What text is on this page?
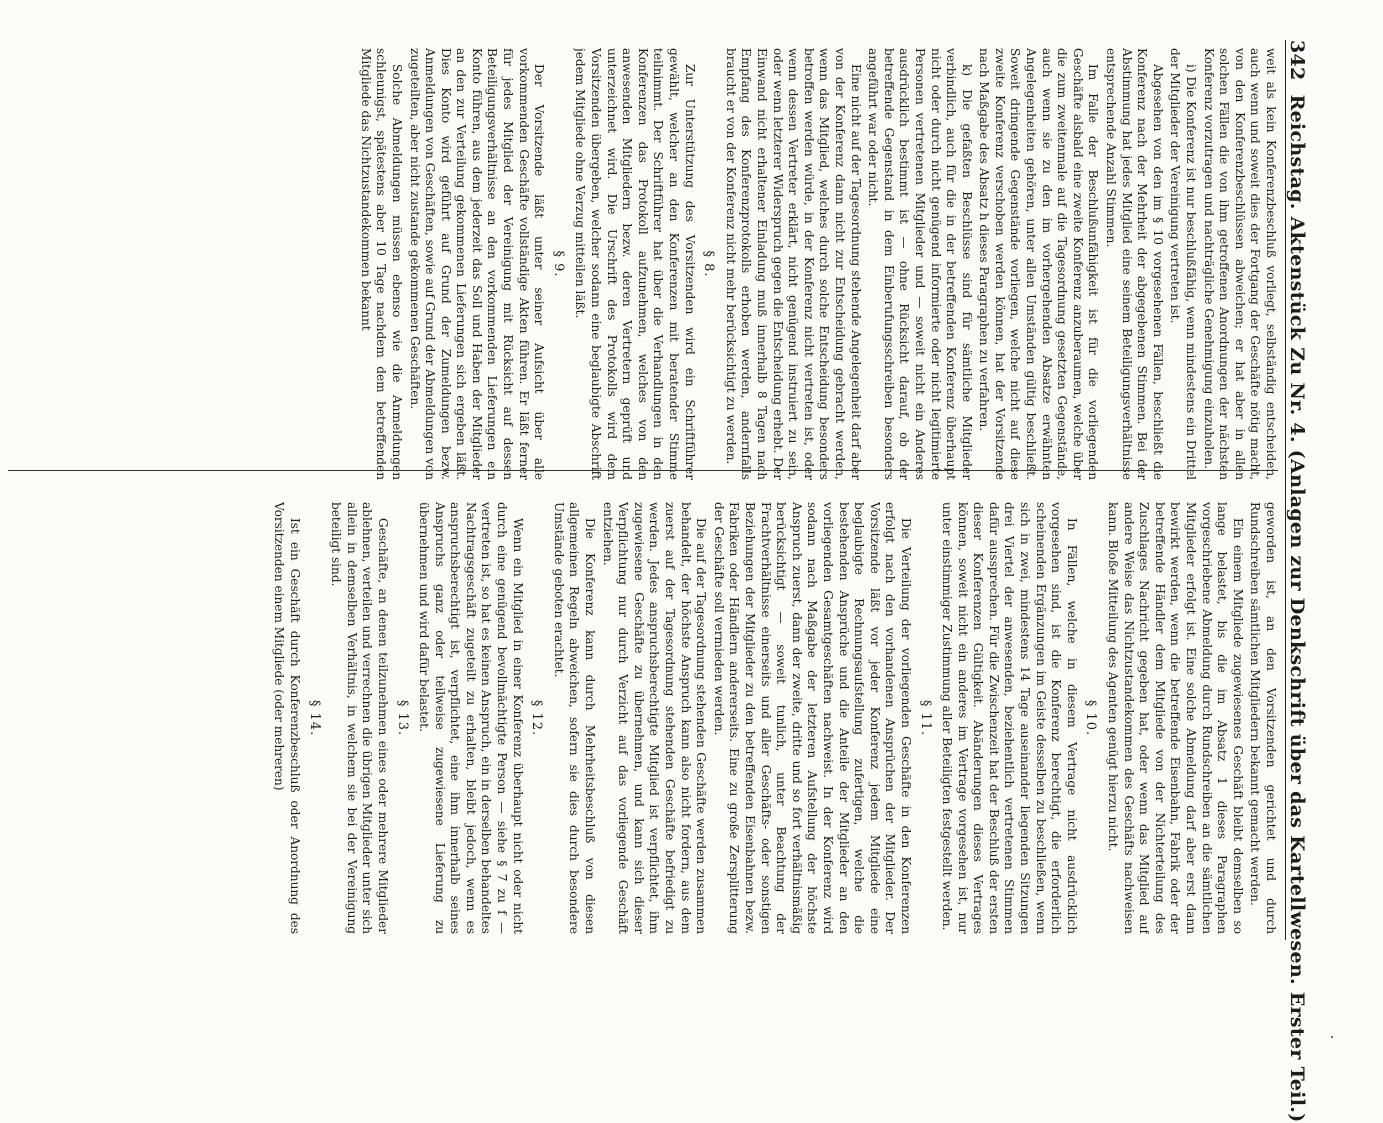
342
Reichstag. Aktenstück Zu Nr. 4. (Anlagen zur Denkschrift über das Kartellwesen. Erster Teil.)

weit als kein Konferenzbeschluß vorliegt, selbständig entscheiden, auch wenn und soweit dies der Fortgang der Geschäfte nötig macht, von den Konferenzbeschlüssen abweichen; er hat aber in allen solchen Fällen die von ihm getroffenen Anordnungen der nächsten Konferenz vorzutragen und nachträgliche Genehmigung einzuholen.

i) Die Konferenz ist nur beschlußfähig, wenn mindestens ein Drittel der Mitglieder der Vereinigung vertreten ist.

Abgesehen von den im § 10 vorgesehenen Fällen, beschließt die Konferenz nach der Mehrheit der abgegebenen Stimmen. Bei der Abstimmung hat jedes Mitglied eine seinem Beteiligungsverhältnisse entsprechende Anzahl Stimmen.

Im Falle der Beschlußunfähigkeit ist für die vorliegenden Geschäfte alsbald eine zweite Konferenz anzuberaumen, welche über die zum zweitenmale auf die Tagesordnung gesetzten Gegenstände, auch wenn sie zu den im vorhergehenden Absatze erwähnten Angelegenheiten gehören, unter allen Umständen gültig beschließt. Soweit dringende Gegenstände vorliegen, welche nicht auf diese zweite Konferenz verschoben werden können, hat der Vorsitzende nach Maßgabe des Absatz h dieses Paragraphen zu verfahren.

k) Die gefaßten Beschlüsse sind für sämtliche Mitglieder verbindlich, auch für die in der betreffenden Konferenz überhaupt nicht oder durch nicht genügend informierte oder nicht legitimierte Personen vertretenen Mitglieder und — soweit nicht ein Anderes ausdrücklich bestimmt ist — ohne Rücksicht darauf, ob der betreffende Gegenstand in dem Einberufungsschreiben besonders angeführt war oder nicht.

Eine nicht auf der Tagesordnung stehende Angelegenheit darf aber von der Konferenz dann nicht zur Entscheidung gebracht werden, wenn das Mitglied, welches durch solche Entscheidung besonders betroffen werden würde, in der Konferenz nicht vertreten ist, oder wenn dessen Vertreter erklärt, nicht genügend instruiert zu sein, oder wenn letzterer Widerspruch gegen die Entscheidung erhebt. Der Einwand nicht erhaltener Einladung muß innerhalb 8 Tagen nach Empfang des Konferenzprotokolls erhoben werden, andernfalls braucht er von der Konferenz nicht mehr berücksichtigt zu werden.

§ 8.

Zur Unterstützung des Vorsitzenden wird ein Schriftführer gewählt, welcher an den Konferenzen mit beratender Stimme teilnimmt. Der Schriftführer hat über die Verhandlungen in den Konferenzen das Protokoll aufzunehmen, welches von den anwesenden Mitgliedern bezw. deren Vertretern geprüft und unterzeichnet wird. Die Urschrift des Protokolls wird dem Vorsitzenden übergeben, welcher sodann eine beglaubigte Abschrift jedem Mitgliede ohne Verzug mitteilen läßt.

§ 9.

Der Vorsitzende läßt unter seiner Aufsicht über alle vorkommenden Geschäfte vollständige Akten führen. Er läßt ferner für jedes Mitglied der Vereinigung mit Rücksicht auf dessen Beteiligungsverhältnisse an den vorkommenden Lieferungen ein Konto führen, aus dem jederzeit das Soll und Haben der Mitglieder an den zur Verteilung gekommenen Lieferungen sich ergeben läßt. Dies Konto wird geführt auf Grund der Zumeldungen bezw. Anmeldungen von Geschäften, sowie auf Grund der Abmeldungen von zugeteilten, aber nicht zustande gekommenen Geschäften.

Solche Abmeldungen müssen ebenso wie die Anmeldungen schleunigst, spätestens aber 10 Tage nachdem dem betreffenden Mitgliede das Nichtzustandekommen bekannt

geworden ist, an den Vorsitzenden gerichtet und durch Rundschreiben sämtlichen Mitgliedern bekannt gemacht werden.

Ein einem Mitgliede zugewiesenes Geschäft bleibt demselben so lange belastet, bis die im Absatz 1 dieses Paragraphen vorgeschriebene Abmeldung durch Rundschreiben an die sämtlichen Mitglieder erfolgt ist. Eine solche Abmeldung darf aber erst dann bewirkt werden, wenn die betreffende Eisenbahn, Fabrik oder der betreffende Händler dem Mitgliede von der Nichterteilung des Zuschlages Nachricht gegeben hat, oder wenn das Mitglied auf andere Weise das Nichtzustandekommen des Geschäfts nachweisen kann. Bloße Mitteilung des Agenten genügt hierzu nicht.

§ 10.

In Fällen, welche in diesem Vertrage nicht ausdrücklich vorgesehen sind, ist die Konferenz berechtigt, die erforderlich scheinenden Ergänzungen im Geiste desselben zu beschließen, wenn sich in zwei, mindestens 14 Tage auseinander liegenden Sitzungen drei Viertel der anwesenden, beziehentlich vertretenen Stimmen dafür aussprechen. Für die Zwischenzeit hat der Beschluß der ersten dieser Konferenzen Gültigkeit. Abänderungen dieses Vertrages können, soweit nicht ein anderes im Vertrage vorgesehen ist, nur unter einstimmiger Zustimmung aller Beteiligten festgestellt werden.

§ 11.

Die Verteilung der vorliegenden Geschäfte in den Konferenzen erfolgt nach den vorhandenen Ansprüchen der Mitglieder. Der Vorsitzende läßt vor jeder Konferenz jedem Mitgliede eine beglaubigte Rechnungsaufstellung zufertigen, welche die bestehenden Ansprüche und die Anteile der Mitglieder an den vorliegenden Gesamtgeschäften nachweist. In der Konferenz wird sodann nach Maßgabe der letzteren Aufstellung der höchste Anspruch zuerst, dann der zweite, dritte und so fort verhältnismäßig berücksichtigt — soweit tunlich, unter Beachtung der Frachtverhältnisse einerseits und aller Geschäfts- oder sonstigen Beziehungen der Mitglieder zu den betreffenden Eisenbahnen bezw. Fabriken oder Händlern andererseits. Eine zu große Zersplitterung der Geschäfte soll vermieden werden.

Die auf der Tagesordnung stehenden Geschäfte werden zusammen behandelt, der höchste Anspruch kann also nicht fordern, aus dem zuerst auf der Tagesordnung stehenden Geschäfte befriedigt zu werden. Jedes anspruchsberechtigte Mitglied ist verpflichtet, ihm zugewiesene Geschäfte zu übernehmen, und kann sich dieser Verpflichtung nur durch Verzicht auf das vorliegende Geschäft entziehen.

Die Konferenz kann durch Mehrheitsbeschluß von diesen allgemeinen Regeln abweichen, sofern sie dies durch besondere Umstände geboten erachtet.

§ 12.

Wenn ein Mitglied in einer Konferenz überhaupt nicht oder nicht durch eine genügend bevollmächtigte Person — siehe § 7 zu f — vertreten ist, so hat es keinen Anspruch, ein in derselben behandeltes Nachtragsgeschäft zugeteilt zu erhalten, bleibt jedoch, wenn es anspruchsberechtigt ist, verpflichtet, eine ihm innerhalb seines Anspruchs ganz oder teilweise zugewiesene Lieferung zu übernehmen und wird dafür belastet.

§ 13.

Geschäfte, an denen teilzunehmen eines oder mehrere Mitglieder ablehnen, verteilen und verrechnen die übrigen Mitglieder unter sich allein in demselben Verhältnis, in welchem sie bei der Vereinigung beteiligt sind.

§ 14.

Ist ein Geschäft durch Konferenzbeschluß oder Anordnung des Vorsitzenden einem Mitgliede (oder mehreren)
